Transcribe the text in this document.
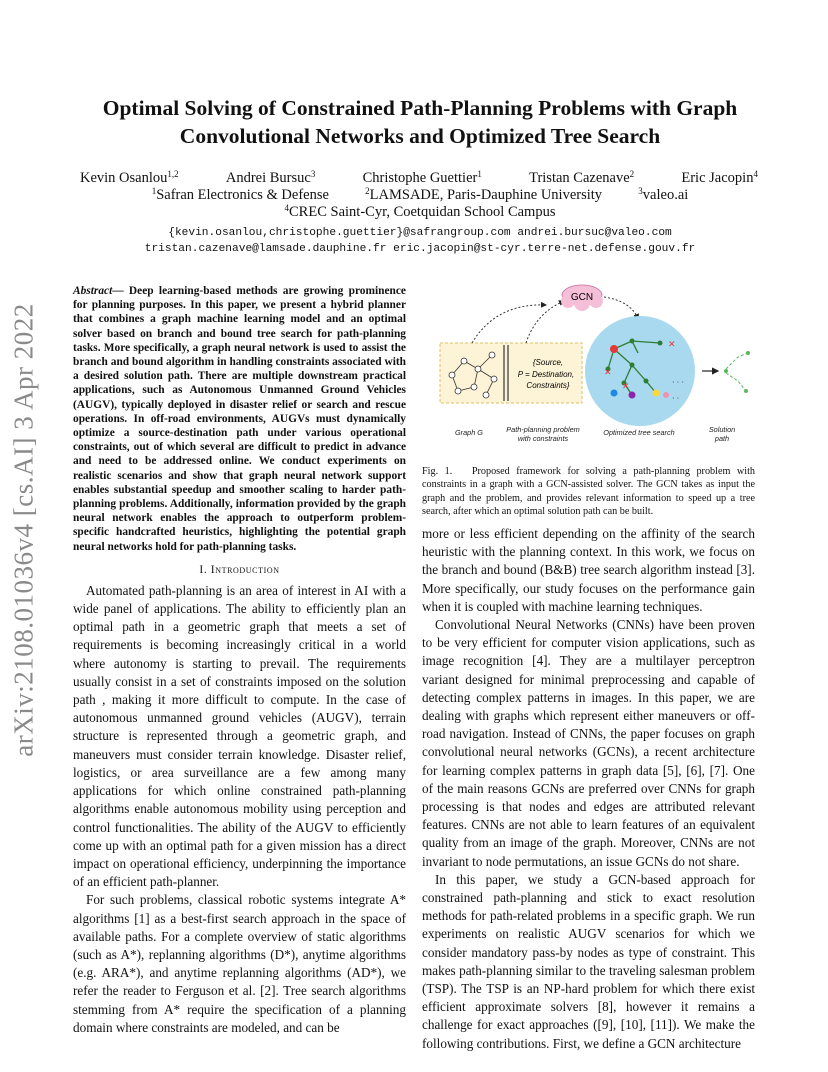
arXiv:2108.01036v4 [cs.AI] 3 Apr 2022
Optimal Solving of Constrained Path-Planning Problems with Graph Convolutional Networks and Optimized Tree Search
Kevin Osanlou$^{1,2}$	Andrei Bursuc$^3$	Christophe Guettier$^1$	Tristan Cazenave$^2$	Eric Jacopin$^4$
$^1$Safran Electronics & Defense	$^2$LAMSADE, Paris-Dauphine University	$^3$valeo.ai
$^4$CREC Saint-Cyr, Coetquidan School Campus
{kevin.osanlou,christophe.guettier}@safrangroup.com andrei.bursuc@valeo.com
tristan.cazenave@lamsade.dauphine.fr eric.jacopin@st-cyr.terre-net.defense.gouv.fr
Abstract— Deep learning-based methods are growing prominence for planning purposes. In this paper, we present a hybrid planner that combines a graph machine learning model and an optimal solver based on branch and bound tree search for path-planning tasks. More specifically, a graph neural network is used to assist the branch and bound algorithm in handling constraints associated with a desired solution path. There are multiple downstream practical applications, such as Autonomous Unmanned Ground Vehicles (AUGV), typically deployed in disaster relief or search and rescue operations. In off-road environments, AUGVs must dynamically optimize a source-destination path under various operational constraints, out of which several are difficult to predict in advance and need to be addressed online. We conduct experiments on realistic scenarios and show that graph neural network support enables substantial speedup and smoother scaling to harder path-planning problems. Additionally, information provided by the graph neural network enables the approach to outperform problem-specific handcrafted heuristics, highlighting the potential graph neural networks hold for path-planning tasks.
I. Introduction

Automated path-planning is an area of interest in AI with a wide panel of applications. The ability to efficiently plan an optimal path in a geometric graph that meets a set of requirements is becoming increasingly critical in a world where autonomy is starting to prevail. The requirements usually consist in a set of constraints imposed on the solution path , making it more difficult to compute. In the case of autonomous unmanned ground vehicles (AUGV), terrain structure is represented through a geometric graph, and maneuvers must consider terrain knowledge. Disaster relief, logistics, or area surveillance are a few among many applications for which online constrained path-planning algorithms enable autonomous mobility using perception and control functionalities. The ability of the AUGV to efficiently come up with an optimal path for a given mission has a direct impact on operational efficiency, underpinning the importance of an efficient path-planner.

For such problems, classical robotic systems integrate A* algorithms [1] as a best-first search approach in the space of available paths. For a complete overview of static algorithms (such as A*), replanning algorithms (D*), anytime algorithms (e.g. ARA*), and anytime replanning algorithms (AD*), we refer the reader to Ferguson et al. [2]. Tree search algorithms stemming from A* require the specification of a planning domain where constraints are modeled, and can be

{Source,
P = Destination,
Constraints}
GCN
✕
✕
✕	· · ·
· ·
Graph G	Path-planning problem with constraints
Optimized tree search	Solution path
Fig. 1. Proposed framework for solving a path-planning problem with constraints in a graph with a GCN-assisted solver. The GCN takes as input the graph and the problem, and provides relevant information to speed up a tree search, after which an optimal solution path can be built.

more or less efficient depending on the affinity of the search heuristic with the planning context. In this work, we focus on the branch and bound (B&B) tree search algorithm instead [3]. More specifically, our study focuses on the performance gain when it is coupled with machine learning techniques.

Convolutional Neural Networks (CNNs) have been proven to be very efficient for computer vision applications, such as image recognition [4]. They are a multilayer perceptron variant designed for minimal preprocessing and capable of detecting complex patterns in images. In this paper, we are dealing with graphs which represent either maneuvers or off-road navigation. Instead of CNNs, the paper focuses on graph convolutional neural networks (GCNs), a recent architecture for learning complex patterns in graph data [5], [6], [7]. One of the main reasons GCNs are preferred over CNNs for graph processing is that nodes and edges are attributed relevant features. CNNs are not able to learn features of an equivalent quality from an image of the graph. Moreover, CNNs are not invariant to node permutations, an issue GCNs do not share.

In this paper, we study a GCN-based approach for constrained path-planning and stick to exact resolution methods for path-related problems in a specific graph. We run experiments on realistic AUGV scenarios for which we consider mandatory pass-by nodes as type of constraint. This makes path-planning similar to the traveling salesman problem (TSP). The TSP is an NP-hard problem for which there exist efficient approximate solvers [8], however it remains a challenge for exact approaches ([9], [10], [11]). We make the following contributions. First, we define a GCN architecture
